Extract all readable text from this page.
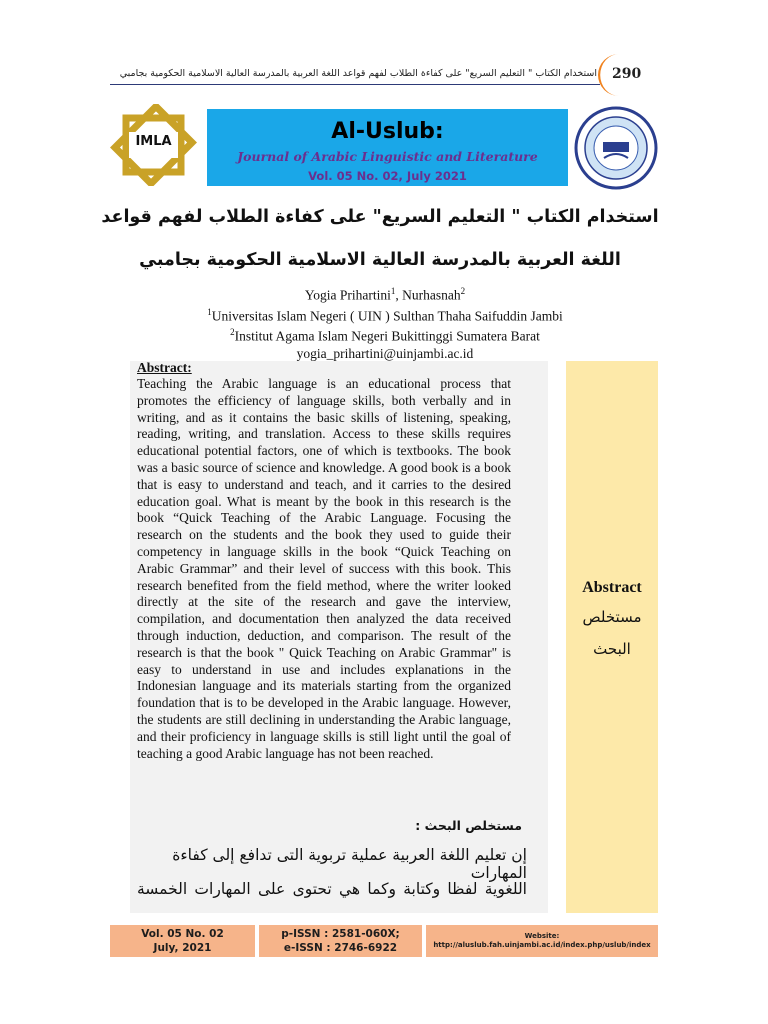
استخدام الكتاب " التعليم السريع" على كفاءة الطلاب لفهم قواعد اللغة العربية بالمدرسة العالية الاسلامية الحكومية بجامبي 290
IMLA	Al-Uslub:
Journal of Arabic Linguistic and Literature
Vol. 05 No. 02, July 2021
استخدام الكتاب " التعليم السريع" على كفاءة الطلاب لفهم قواعد
اللغة العربية بالمدرسة العالية الاسلامية الحكومية بجامبي
Yogia Prihartini$^1$, Nurhasnah$^2$
$^1$Universitas Islam Negeri ( UIN ) Sulthan Thaha Saifuddin Jambi
$^2$Institut Agama Islam Negeri Bukittinggi Sumatera Barat
yogia_prihartini@uinjambi.ac.id
Abstract:
Teaching the Arabic language is an educational process that promotes the efficiency of language skills, both verbally and in writing, and as it contains the basic skills of listening, speaking, reading, writing, and translation. Access to these skills requires educational potential factors, one of which is textbooks. The book was a basic source of science and knowledge. A good book is a book that is easy to understand and teach, and it carries to the desired education goal. What is meant by the book in this research is the book “Quick Teaching of the Arabic Language. Focusing the research on the students and the book they used to guide their competency in language skills in the book “Quick Teaching on Arabic Grammar” and their level of success with this book. This research benefited from the field method, where the writer looked directly at the site of the research and gave the interview, compilation, and documentation then analyzed the data received through induction, deduction, and comparison. The result of the research is that the book " Quick Teaching on Arabic Grammar" is easy to understand in use and includes explanations in the Indonesian language and its materials starting from the organized foundation that is to be developed in the Arabic language. However, the students are still declining in understanding the Arabic language, and their proficiency in language skills is still light until the goal of teaching a good Arabic language has not been reached.
مستخلص البحث :
إن تعليم اللغة العربية عملية تربوية التى تدافع إلى كفاءة المهارات
اللغوية لفظا وكتابة وكما هي تحتوى على المهارات الخمسة
Abstract
مستخلص
البحث
Vol. 05 No. 02
July, 2021
p-ISSN : 2581-060X;
e-ISSN : 2746-6922
Website:
http://aluslub.fah.uinjambi.ac.id/index.php/uslub/index
